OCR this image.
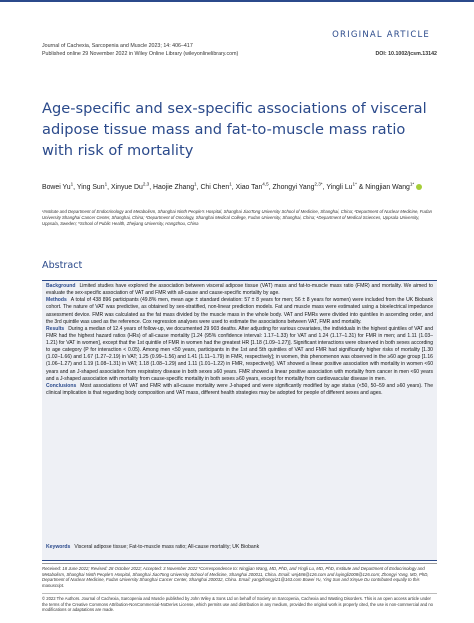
ORIGINAL ARTICLE
Journal of Cachexia, Sarcopenia and Muscle 2023; 14: 406–417
Published online 29 November 2022 in Wiley Online Library (wileyonlinelibrary.com)	DOI: 10.1002/jcsm.13142
Age-specific and sex-specific associations of visceral adipose tissue mass and fat-to-muscle mass ratio with risk of mortality
Bowei Yu$^1$, Ying Sun$^1$, Xinyue Du$^{2,3}$, Haojie Zhang$^1$, Chi Chen$^1$, Xiao Tan$^{4,5}$, Zhongyi Yang$^{2,3*}$, Yingli $Lu^{1*}$ & Ningjian Wang$^{1*}$
¹Institute and Department of Endocrinology and Metabolism, Shanghai Ninth People's Hospital, Shanghai JiaoTong University School of Medicine, Shanghai, China; ²Department of Nuclear Medicine, Fudan University Shanghai Cancer Center, Shanghai, China; ³Department of Oncology, Shanghai Medical College, Fudan University, Shanghai, China; ⁴Department of Medical Sciences, Uppsala University, Uppsala, Sweden; ⁵School of Public Health, Zhejiang University, Hangzhou, China
Abstract

Background Limited studies have explored the association between visceral adipose tissue (VAT) mass and fat-to-muscle mass ratio (FMR) and mortality. We aimed to evaluate the sex-specific association of VAT and FMR with all-cause and cause-specific mortality by age.

Methods A total of 438 896 participants (49.8% men, mean age ± standard deviation: 57 ± 8 years for men; 56 ± 8 years for women) were included from the UK Biobank cohort. The nature of VAT was predictive, as obtained by sex-stratified, non-linear prediction models. Fat and muscle mass were estimated using a bioelectrical impedance assessment device. FMR was calculated as the fat mass divided by the muscle mass in the whole body. VAT and FMRs were divided into quintiles in ascending order, and the 3rd quintile was used as the reference. Cox regression analyses were used to estimate the associations between VAT, FMR and mortality.

Results During a median of 12.4 years of follow-up, we documented 29 903 deaths. After adjusting for various covariates, the individuals in the highest quintiles of VAT and FMR had the highest hazard ratios (HRs) of all-cause mortality [1.24 (95% confidence interval: 1.17–1.33) for VAT and 1.24 (1.17–1.31) for FMR in men; and 1.11 (1.03–1.21) for VAT in women], except that the 1st quintile of FMR in women had the greatest HR [1.18 (1.09–1.27)]. Significant interactions were observed in both sexes according to age category (P for interaction < 0.05). Among men <50 years, participants in the 1st and 5th quintiles of VAT and FMR had significantly higher risks of mortality [1.30 (1.02–1.66) and 1.67 (1.27–2.19) in VAT; 1.25 (0.99–1.56) and 1.41 (1.11–1.79) in FMR, respectively]; in women, this phenomenon was observed in the ≥60 age group [1.16 (1.06–1.27) and 1.19 (1.08–1.31) in VAT; 1.18 (1.08–1.29) and 1.11 (1.01–1.22) in FMR, respectively]. VAT showed a linear positive association with mortality in women <60 years and an J-shaped association from respiratory disease in both sexes ≥60 years. FMR showed a linear positive association with mortality from cancer in men <60 years and a J-shaped association with mortality from cause-specific mortality in both sexes ≥60 years, except for mortality from cardiovascular disease in men.

Conclusions Most associations of VAT and FMR with all-cause mortality were J-shaped and were significantly modified by age status (<50, 50–59 and ≥60 years). The clinical implication is that regarding body composition and VAT mass, different health strategies may be adopted for people of different sexes and ages.

Keywords Visceral adipose tissue; Fat-to-muscle mass ratio; All-cause mortality; UK Biobank
Received: 18 June 2022; Revised: 28 October 2022; Accepted: 3 November 2022 *Correspondence to: Ningjian Wang, MD, PhD, and Yingli Lu, MD, PhD, Institute and Department of Endocrinology and Metabolism, Shanghai Ninth People's Hospital, Shanghai JiaoTong University School of Medicine, Shanghai 200011, China. Email: wnj486@126.com and luyingli2008@126.com; Zhongyi Yang, MD, PhD, Department of Nuclear Medicine, Fudan University Shanghai Cancer Center, Shanghai 200032, China. Email: yangzhongyi21@163.com Bowei Yu, Ying Sun and Xinyue Du contributed equally to this manuscript.
© 2022 The Authors. Journal of Cachexia, Sarcopenia and Muscle published by John Wiley & Sons Ltd on behalf of Society on Sarcopenia, Cachexia and Wasting Disorders. This is an open access article under the terms of the Creative Commons Attribution-NonCommercial-NoDerivs License, which permits use and distribution in any medium, provided the original work is properly cited, the use is non-commercial and no modifications or adaptations are made.
